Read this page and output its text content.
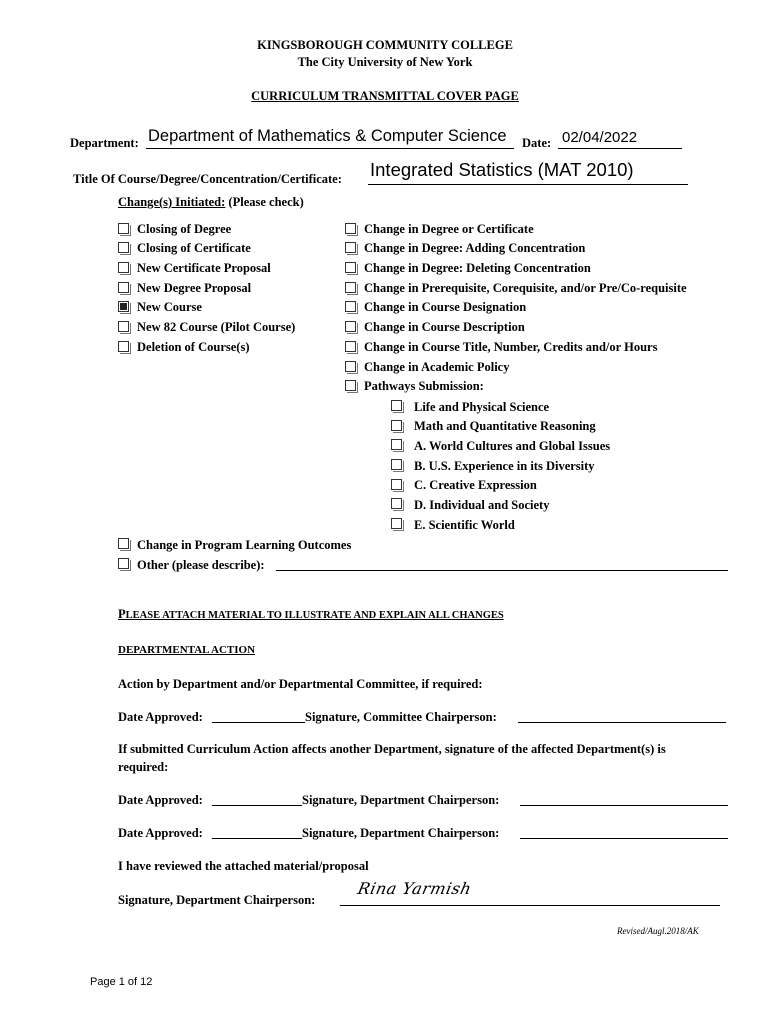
KINGSBOROUGH COMMUNITY COLLEGE
The City University of New York
CURRICULUM TRANSMITTAL COVER PAGE
Department: Department of Mathematics & Computer Science Date: 02/04/2022
Title Of Course/Degree/Concentration/Certificate: Integrated Statistics (MAT 2010)
Change(s) Initiated: (Please check)
Closing of Degree
Closing of Certificate
New Certificate Proposal
New Degree Proposal
New Course
New 82 Course (Pilot Course)
Deletion of Course(s)
Change in Degree or Certificate
Change in Degree: Adding Concentration
Change in Degree: Deleting Concentration
Change in Prerequisite, Corequisite, and/or Pre/Co-requisite
Change in Course Designation
Change in Course Description
Change in Course Title, Number, Credits and/or Hours
Change in Academic Policy
Pathways Submission:
Life and Physical Science
Math and Quantitative Reasoning
A. World Cultures and Global Issues
B. U.S. Experience in its Diversity
C. Creative Expression
D. Individual and Society
E. Scientific World
Change in Program Learning Outcomes
Other (please describe):
PLEASE ATTACH MATERIAL TO ILLUSTRATE AND EXPLAIN ALL CHANGES
DEPARTMENTAL ACTION
Action by Department and/or Departmental Committee, if required:
Date Approved:	Signature, Committee Chairperson:
If submitted Curriculum Action affects another Department, signature of the affected Department(s) is
required:
Date Approved:	Signature, Department Chairperson:
Date Approved:	Signature, Department Chairperson:
I have reviewed the attached material/proposal
Signature, Department Chairperson:
Rina Yarmish
Revised/Augl.2018/AK
Page 1 of 12
